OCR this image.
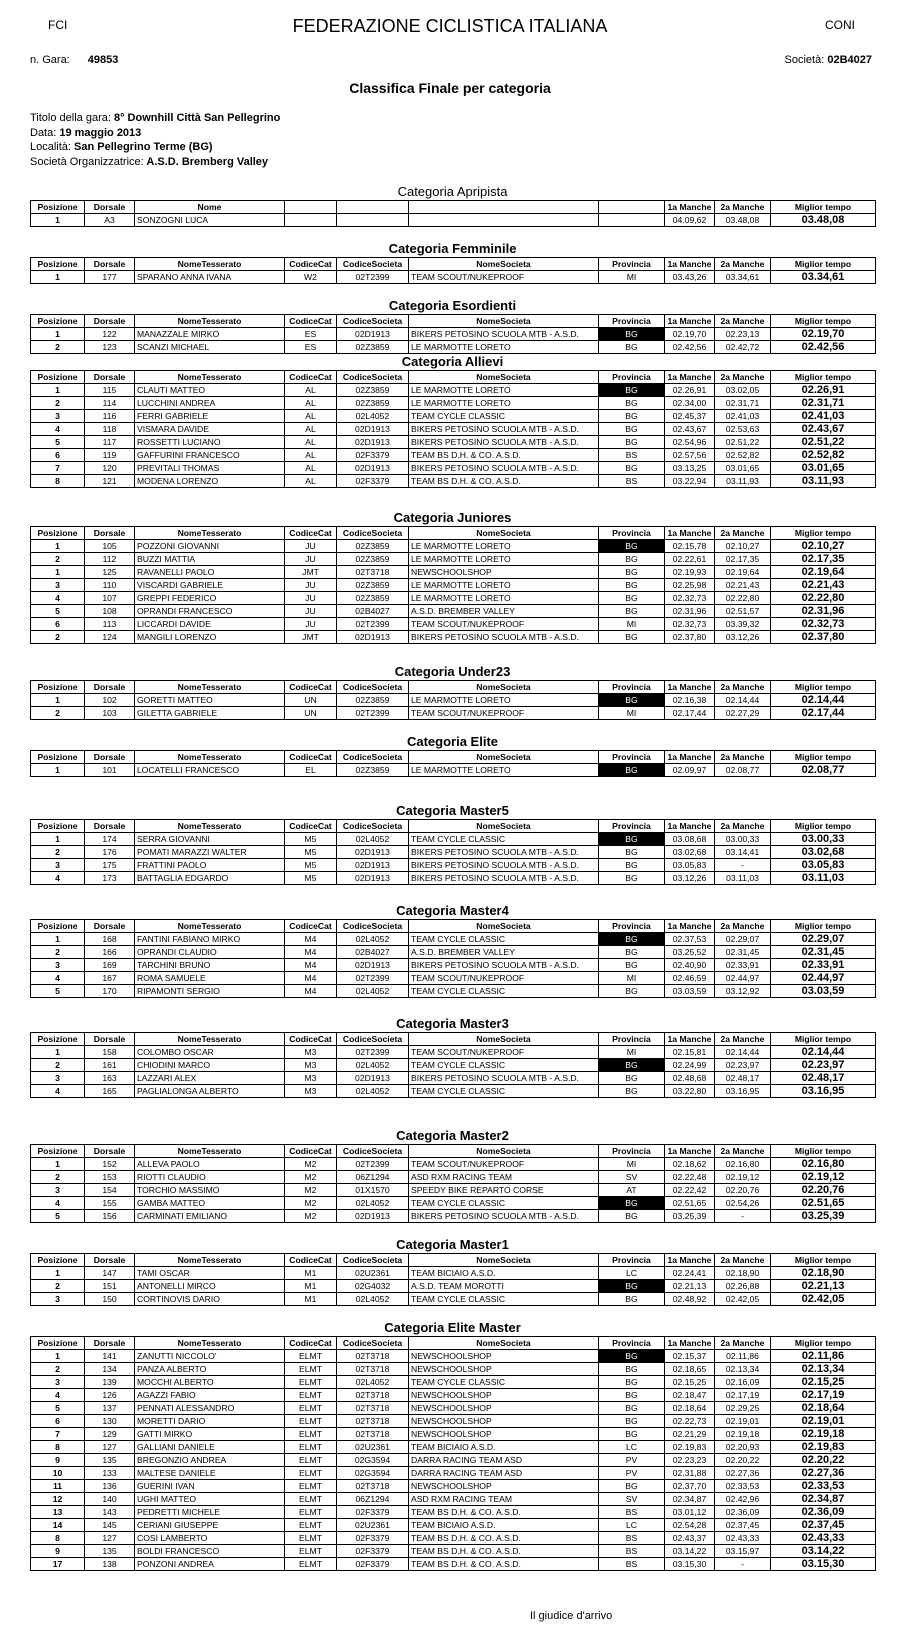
FCI	FEDERAZIONE CICLISTICA ITALIANA	CONI
n. Gara: 49853	Società: 02B4027
Classifica Finale per categoria
Titolo della gara: 8° Downhill Città San Pellegrino
Data: 19 maggio 2013
Località: San Pellegrino Terme (BG)
Società Organizzatrice: A.S.D. Bremberg Valley
Categoria Apripista
Posizione	Dorsale	Nome					1a Manche	2a Manche	Miglior tempo
1	A3	SONZOGNI LUCA					04.09,62	03.48,08	03.48,08
Categoria Femminile
Posizione	Dorsale	NomeTesserato	CodiceCat	CodiceSocieta	NomeSocieta	Provincia	1a Manche	2a Manche	Miglior tempo
1	177	SPARANO ANNA IVANA	W2	02T2399	TEAM SCOUT/NUKEPROOF	MI	03.43,26	03.34,61	03.34,61
Categoria Esordienti
Posizione	Dorsale	NomeTesserato	CodiceCat	CodiceSocieta	NomeSocieta	Provincia	1a Manche	2a Manche	Miglior tempo
1	122	MANAZZALE MIRKO	ES	02D1913	BIKERS PETOSINO SCUOLA MTB - A.S.D.	BG	02.19,70	02.23,13	02.19,70
2	123	SCANZI MICHAEL	ES	02Z3859	LE MARMOTTE LORETO	BG	02.42,56	02.42,72	02.42,56
Categoria Allievi
Posizione	Dorsale	NomeTesserato	CodiceCat	CodiceSocieta	NomeSocieta	Provincia	1a Manche	2a Manche	Miglior tempo
1	115	CLAUTI MATTEO	AL	02Z3859	LE MARMOTTE LORETO	BG	02.26,91	03.02,05	02.26,91
2	114	LUCCHINI ANDREA	AL	02Z3859	LE MARMOTTE LORETO	BG	02.34,00	02.31,71	02.31,71
3	116	FERRI GABRIELE	AL	02L4052	TEAM CYCLE CLASSIC	BG	02.45,37	02.41,03	02.41,03
4	118	VISMARA DAVIDE	AL	02D1913	BIKERS PETOSINO SCUOLA MTB - A.S.D.	BG	02.43,67	02.53,63	02.43,67
5	117	ROSSETTI LUCIANO	AL	02D1913	BIKERS PETOSINO SCUOLA MTB - A.S.D.	BG	02.54,96	02.51,22	02.51,22
6	119	GAFFURINI FRANCESCO	AL	02F3379	TEAM BS D.H. & CO. A.S.D.	BS	02.57,56	02.52,82	02.52,82
7	120	PREVITALI THOMAS	AL	02D1913	BIKERS PETOSINO SCUOLA MTB - A.S.D.	BG	03.13,25	03.01,65	03.01,65
8	121	MODENA LORENZO	AL	02F3379	TEAM BS D.H. & CO. A.S.D.	BS	03.22,94	03.11,93	03.11,93
Categoria Juniores
Posizione	Dorsale	NomeTesserato	CodiceCat	CodiceSocieta	NomeSocieta	Provincia	1a Manche	2a Manche	Miglior tempo
1	105	POZZONI GIOVANNI	JU	02Z3859	LE MARMOTTE LORETO	BG	02.15,78	02.10,27	02.10,27
2	112	BUZZI MATTIA	JU	02Z3859	LE MARMOTTE LORETO	BG	02.22,61	02.17,35	02.17,35
1	125	RAVANELLI PAOLO	JMT	02T3718	NEWSCHOOLSHOP	BG	02.19,93	02.19,64	02.19,64
3	110	VISCARDI GABRIELE	JU	02Z3859	LE MARMOTTE LORETO	BG	02.25,98	02.21,43	02.21,43
4	107	GREPPI FEDERICO	JU	02Z3859	LE MARMOTTE LORETO	BG	02.32,73	02.22,80	02.22,80
5	108	OPRANDI FRANCESCO	JU	02B4027	A.S.D. BREMBER VALLEY	BG	02.31,96	02.51,57	02.31,96
6	113	LICCARDI DAVIDE	JU	02T2399	TEAM SCOUT/NUKEPROOF	MI	02.32,73	03.39,32	02.32,73
2	124	MANGILI LORENZO	JMT	02D1913	BIKERS PETOSINO SCUOLA MTB - A.S.D.	BG	02.37,80	03.12,26	02.37,80
Categoria Under23
Posizione	Dorsale	NomeTesserato	CodiceCat	CodiceSocieta	NomeSocieta	Provincia	1a Manche	2a Manche	Miglior tempo
1	102	GORETTI MATTEO	UN	02Z3859	LE MARMOTTE LORETO	BG	02.16,38	02.14,44	02.14,44
2	103	GILETTA GABRIELE	UN	02T2399	TEAM SCOUT/NUKEPROOF	MI	02.17,44	02.27,29	02.17,44
Categoria Elite
Posizione	Dorsale	NomeTesserato	CodiceCat	CodiceSocieta	NomeSocieta	Provincia	1a Manche	2a Manche	Miglior tempo
1	101	LOCATELLI FRANCESCO	EL	02Z3859	LE MARMOTTE LORETO	BG	02.09,97	02.08,77	02.08,77
Categoria Master5
Posizione	Dorsale	NomeTesserato	CodiceCat	CodiceSocieta	NomeSocieta	Provincia	1a Manche	2a Manche	Miglior tempo
1	174	SERRA GIOVANNI	M5	02L4052	TEAM CYCLE CLASSIC	BG	03.08,68	03.00,33	03.00,33
2	176	POMATI MARAZZI WALTER	M5	02D1913	BIKERS PETOSINO SCUOLA MTB - A.S.D.	BG	03.02,68	03.14,41	03.02,68
3	175	FRATTINI PAOLO	M5	02D1913	BIKERS PETOSINO SCUOLA MTB - A.S.D.	BG	03.05,83	-	03.05,83
4	173	BATTAGLIA EDGARDO	M5	02D1913	BIKERS PETOSINO SCUOLA MTB - A.S.D.	BG	03.12,26	03.11,03	03.11,03
Categoria Master4
Posizione	Dorsale	NomeTesserato	CodiceCat	CodiceSocieta	NomeSocieta	Provincia	1a Manche	2a Manche	Miglior tempo
1	168	FANTINI FABIANO MIRKO	M4	02L4052	TEAM CYCLE CLASSIC	BG	02.37,53	02.29,07	02.29,07
2	166	OPRANDI CLAUDIO	M4	02B4027	A.S.D. BREMBER VALLEY	BG	03.25,52	02.31,45	02.31,45
3	169	TARCHINI BRUNO	M4	02D1913	BIKERS PETOSINO SCUOLA MTB - A.S.D.	BG	02.40,90	02.33,91	02.33,91
4	167	ROMA SAMUELE	M4	02T2399	TEAM SCOUT/NUKEPROOF	MI	02.46,59	02.44,97	02.44,97
5	170	RIPAMONTI SERGIO	M4	02L4052	TEAM CYCLE CLASSIC	BG	03.03,59	03.12,92	03.03,59
Categoria Master3
Posizione	Dorsale	NomeTesserato	CodiceCat	CodiceSocieta	NomeSocieta	Provincia	1a Manche	2a Manche	Miglior tempo
1	158	COLOMBO OSCAR	M3	02T2399	TEAM SCOUT/NUKEPROOF	MI	02.15,81	02.14,44	02.14,44
2	161	CHIODINI MARCO	M3	02L4052	TEAM CYCLE CLASSIC	BG	02.24,99	02.23,97	02.23,97
3	163	LAZZARI ALEX	M3	02D1913	BIKERS PETOSINO SCUOLA MTB - A.S.D.	BG	02.48,68	02.48,17	02.48,17
4	165	PAGLIALONGA ALBERTO	M3	02L4052	TEAM CYCLE CLASSIC	BG	03.22,80	03.16,95	03.16,95
Categoria Master2
Posizione	Dorsale	NomeTesserato	CodiceCat	CodiceSocieta	NomeSocieta	Provincia	1a Manche	2a Manche	Miglior tempo
1	152	ALLEVA PAOLO	M2	02T2399	TEAM SCOUT/NUKEPROOF	MI	02.18,62	02.16,80	02.16,80
2	153	RIOTTI CLAUDIO	M2	06Z1294	ASD RXM RACING TEAM	SV	02.22,48	02.19,12	02.19,12
3	154	TORCHIO MASSIMO	M2	01X1570	SPEEDY BIKE REPARTO CORSE	AT	02.22,42	02.20,76	02.20,76
4	155	GAMBA MATTEO	M2	02L4052	TEAM CYCLE CLASSIC	BG	02.51,65	02.54,26	02.51,65
5	156	CARMINATI EMILIANO	M2	02D1913	BIKERS PETOSINO SCUOLA MTB - A.S.D.	BG	03.25,39	-	03.25,39
Categoria Master1
Posizione	Dorsale	NomeTesserato	CodiceCat	CodiceSocieta	NomeSocieta	Provincia	1a Manche	2a Manche	Miglior tempo
1	147	TAMI OSCAR	M1	02U2361	TEAM BICIAIO A.S.D.	LC	02.24,41	02.18,90	02.18,90
2	151	ANTONELLI MIRCO	M1	02G4032	A.S.D. TEAM MOROTTI	BG	02.21,13	02.26,88	02.21,13
3	150	CORTINOVIS DARIO	M1	02L4052	TEAM CYCLE CLASSIC	BG	02.48,92	02.42,05	02.42,05
Categoria Elite Master
Posizione	Dorsale	NomeTesserato	CodiceCat	CodiceSocieta	NomeSocieta	Provincia	1a Manche	2a Manche	Miglior tempo
1	141	ZANUTTI NICCOLO'	ELMT	02T3718	NEWSCHOOLSHOP	BG	02.15,37	02.11,86	02.11,86
2	134	PANZA ALBERTO	ELMT	02T3718	NEWSCHOOLSHOP	BG	02.18,65	02.13,34	02.13,34
3	139	MOCCHI ALBERTO	ELMT	02L4052	TEAM CYCLE CLASSIC	BG	02.15,25	02.16,09	02.15,25
4	126	AGAZZI FABIO	ELMT	02T3718	NEWSCHOOLSHOP	BG	02.18,47	02.17,19	02.17,19
5	137	PENNATI ALESSANDRO	ELMT	02T3718	NEWSCHOOLSHOP	BG	02.18,64	02.29,25	02.18,64
6	130	MORETTI DARIO	ELMT	02T3718	NEWSCHOOLSHOP	BG	02.22,73	02.19,01	02.19,01
7	129	GATTI MIRKO	ELMT	02T3718	NEWSCHOOLSHOP	BG	02.21,29	02.19,18	02.19,18
8	127	GALLIANI DANIELE	ELMT	02U2361	TEAM BICIAIO A.S.D.	LC	02.19,83	02.20,93	02.19,83
9	135	BREGONZIO ANDREA	ELMT	02G3594	DARRA RACING TEAM ASD	PV	02.23,23	02.20,22	02.20,22
10	133	MALTESE DANIELE	ELMT	02G3594	DARRA RACING TEAM ASD	PV	02.31,88	02.27,36	02.27,36
11	136	GUERINI IVAN	ELMT	02T3718	NEWSCHOOLSHOP	BG	02.37,70	02.33,53	02.33,53
12	140	UGHI MATTEO	ELMT	06Z1294	ASD RXM RACING TEAM	SV	02.34,87	02.42,96	02.34,87
13	143	PEDRETTI MICHELE	ELMT	02F3379	TEAM BS D.H. & CO. A.S.D.	BS	03.01,12	02.36,09	02.36,09
14	145	CERIANI GIUSEPPE	ELMT	02U2361	TEAM BICIAIO A.S.D.	LC	02.54,28	02.37,45	02.37,45
8	127	COSI LAMBERTO	ELMT	02F3379	TEAM BS D.H. & CO. A.S.D.	BS	02.43,37	02.43,33	02.43,33
9	135	BOLDI FRANCESCO	ELMT	02F3379	TEAM BS D.H. & CO. A.S.D.	BS	03.14,22	03.15,97	03.14,22
17	138	PONZONI ANDREA	ELMT	02F3379	TEAM BS D.H. & CO. A.S.D.	BS	03.15,30	-	03.15,30
Il giudice d'arrivo
